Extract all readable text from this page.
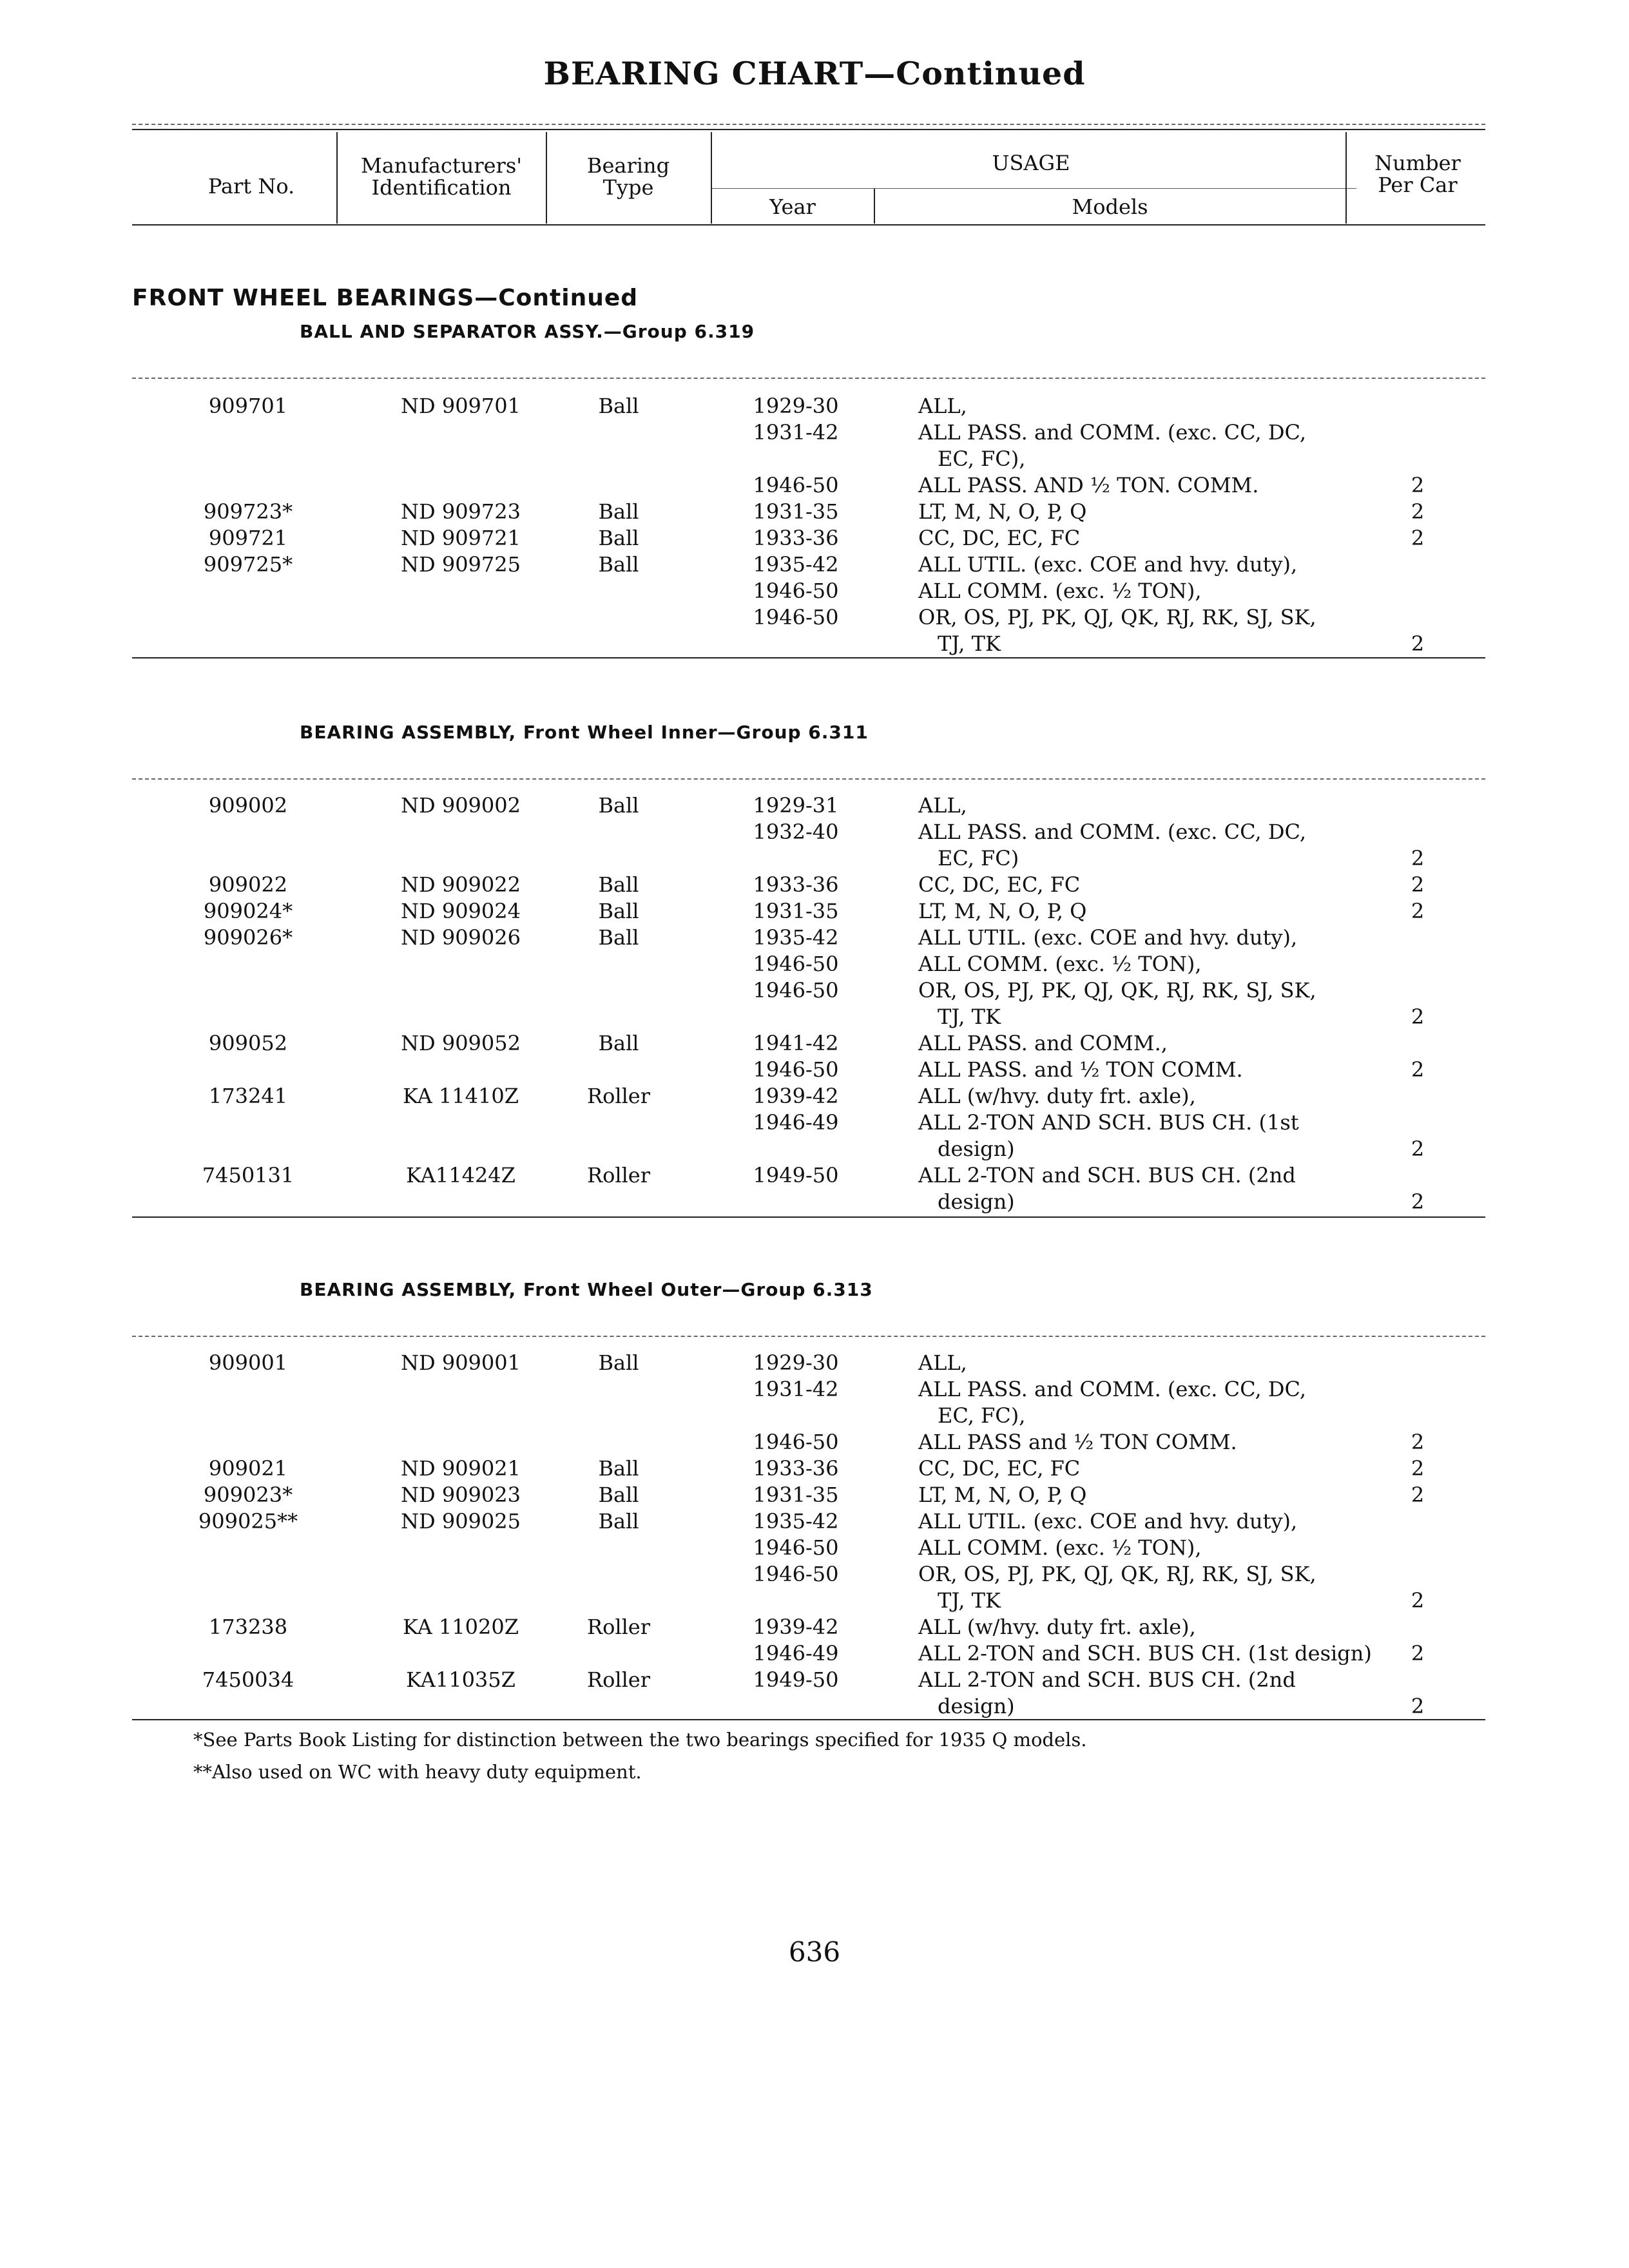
BEARING CHART—Continued
Part No.
Manufacturers'
Identification
Bearing
Type
USAGE
Year	Models
Number
Per Car
FRONT WHEEL BEARINGS—Continued
BALL AND SEPARATOR ASSY.—Group 6.319
909701	ND 909701	Ball	1929-30	ALL,
1931-42	ALL PASS. and COMM. (exc. CC, DC,
EC, FC),
1946-50	ALL PASS. AND ½ TON. COMM.	2
909723*	ND 909723	Ball	1931-35	LT, M, N, O, P, Q	2
909721	ND 909721	Ball	1933-36	CC, DC, EC, FC	2
909725*	ND 909725	Ball	1935-42	ALL UTIL. (exc. COE and hvy. duty),
1946-50	ALL COMM. (exc. ½ TON),
1946-50	OR, OS, PJ, PK, QJ, QK, RJ, RK, SJ, SK,
TJ, TK	2
BEARING ASSEMBLY, Front Wheel Inner—Group 6.311
909002	ND 909002	Ball	1929-31	ALL,
1932-40	ALL PASS. and COMM. (exc. CC, DC,
EC, FC)	2
909022	ND 909022	Ball	1933-36	CC, DC, EC, FC	2
909024*	ND 909024	Ball	1931-35	LT, M, N, O, P, Q	2
909026*	ND 909026	Ball	1935-42	ALL UTIL. (exc. COE and hvy. duty),
1946-50	ALL COMM. (exc. ½ TON),
1946-50	OR, OS, PJ, PK, QJ, QK, RJ, RK, SJ, SK,
TJ, TK	2
909052	ND 909052	Ball	1941-42	ALL PASS. and COMM.,
1946-50	ALL PASS. and ½ TON COMM.	2
173241	KA 11410Z	Roller	1939-42	ALL (w/hvy. duty frt. axle),
1946-49	ALL 2-TON AND SCH. BUS CH. (1st
design)	2
7450131	KA11424Z	Roller	1949-50	ALL 2-TON and SCH. BUS CH. (2nd
design)	2
BEARING ASSEMBLY, Front Wheel Outer—Group 6.313
909001	ND 909001	Ball	1929-30	ALL,
1931-42	ALL PASS. and COMM. (exc. CC, DC,
EC, FC),
1946-50	ALL PASS and ½ TON COMM.	2
909021	ND 909021	Ball	1933-36	CC, DC, EC, FC	2
909023*	ND 909023	Ball	1931-35	LT, M, N, O, P, Q	2
909025**	ND 909025	Ball	1935-42	ALL UTIL. (exc. COE and hvy. duty),
1946-50	ALL COMM. (exc. ½ TON),
1946-50	OR, OS, PJ, PK, QJ, QK, RJ, RK, SJ, SK,
TJ, TK	2
173238	KA 11020Z	Roller	1939-42	ALL (w/hvy. duty frt. axle),
1946-49	ALL 2-TON and SCH. BUS CH. (1st design)	2
7450034	KA11035Z	Roller	1949-50	ALL 2-TON and SCH. BUS CH. (2nd
design)	2
*See Parts Book Listing for distinction between the two bearings specified for 1935 Q models.
**Also used on WC with heavy duty equipment.
636
